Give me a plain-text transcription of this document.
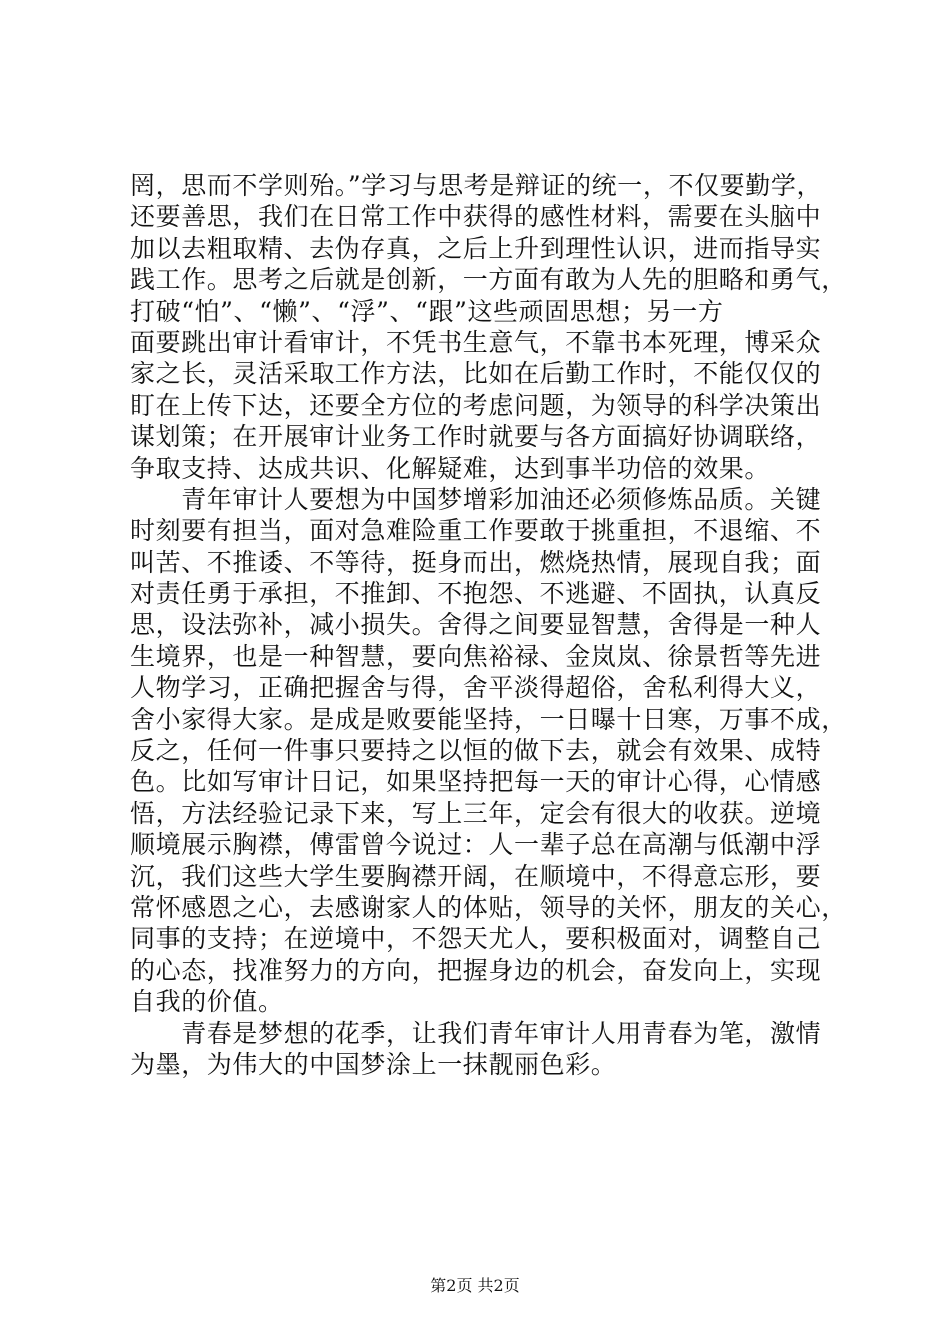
罔，思而不学则殆。”学习与思考是辩证的统一，不仅要勤学，
还要善思，我们在日常工作中获得的感性材料，需要在头脑中
加以去粗取精、去伪存真，之后上升到理性认识，进而指导实
践工作。思考之后就是创新，一方面有敢为人先的胆略和勇气，
打破“怕”、“懒”、“浮”、“跟”这些顽固思想；另一方
面要跳出审计看审计，不凭书生意气，不靠书本死理，博采众
家之长，灵活采取工作方法，比如在后勤工作时，不能仅仅的
盯在上传下达，还要全方位的考虑问题，为领导的科学决策出
谋划策；在开展审计业务工作时就要与各方面搞好协调联络，
争取支持、达成共识、化解疑难，达到事半功倍的效果。
　　青年审计人要想为中国梦增彩加油还必须修炼品质。关键
时刻要有担当，面对急难险重工作要敢于挑重担，不退缩、不
叫苦、不推诿、不等待，挺身而出，燃烧热情，展现自我；面
对责任勇于承担，不推卸、不抱怨、不逃避、不固执，认真反
思，设法弥补，减小损失。舍得之间要显智慧，舍得是一种人
生境界，也是一种智慧，要向焦裕禄、金岚岚、徐景哲等先进
人物学习，正确把握舍与得，舍平淡得超俗，舍私利得大义，
舍小家得大家。是成是败要能坚持，一日曝十日寒，万事不成，
反之，任何一件事只要持之以恒的做下去，就会有效果、成特
色。比如写审计日记，如果坚持把每一天的审计心得，心情感
悟，方法经验记录下来，写上三年，定会有很大的收获。逆境
顺境展示胸襟，傅雷曾今说过：人一辈子总在高潮与低潮中浮
沉，我们这些大学生要胸襟开阔，在顺境中，不得意忘形，要
常怀感恩之心，去感谢家人的体贴，领导的关怀，朋友的关心，
同事的支持；在逆境中，不怨天尤人，要积极面对，调整自己
的心态，找准努力的方向，把握身边的机会，奋发向上，实现
自我的价值。
　　青春是梦想的花季，让我们青年审计人用青春为笔，激情
为墨，为伟大的中国梦涂上一抹靓丽色彩。
第2页 共2页
